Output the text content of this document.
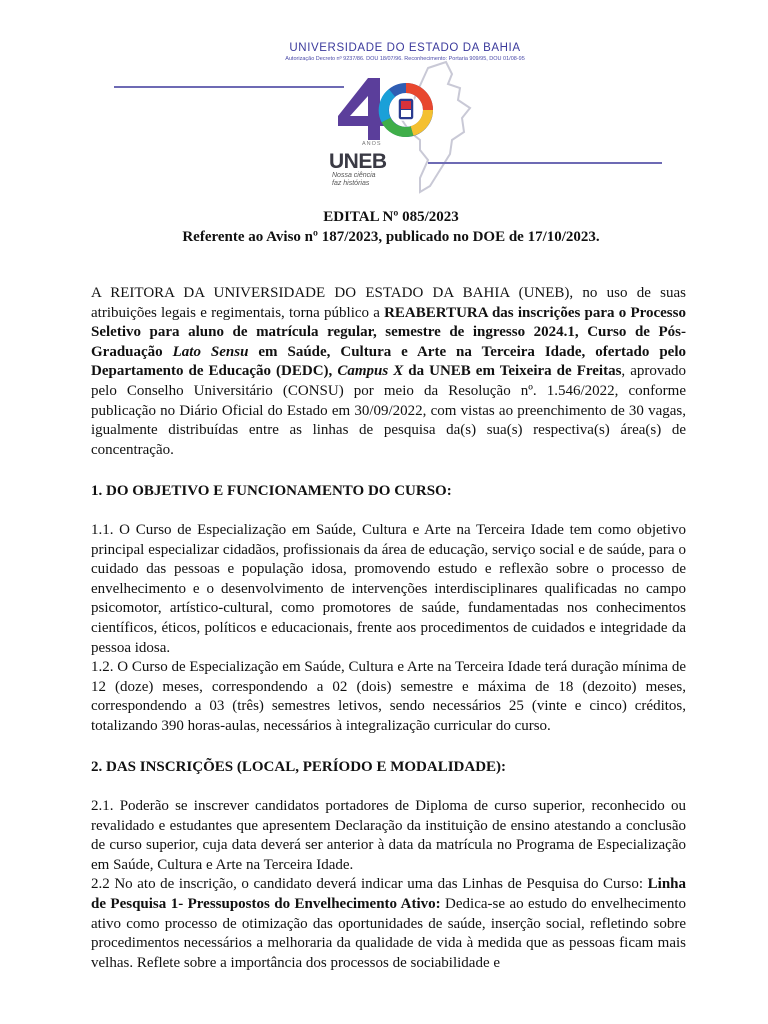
UNIVERSIDADE DO ESTADO DA BAHIA
Autorização Decreto nº 9237/86. DOU 18/07/96. Reconhecimento: Portaria 909/95, DOU 01/08-95
ANOS
UNEB
Nossa ciência
faz histórias
EDITAL Nº 085/2023
Referente ao Aviso nº 187/2023, publicado no DOE de 17/10/2023.

A REITORA DA UNIVERSIDADE DO ESTADO DA BAHIA (UNEB), no uso de suas atribuições legais e regimentais, torna público a REABERTURA das inscrições para o Processo Seletivo para aluno de matrícula regular, semestre de ingresso 2024.1, Curso de Pós-Graduação Lato Sensu em Saúde, Cultura e Arte na Terceira Idade, ofertado pelo Departamento de Educação (DEDC), Campus X da UNEB em Teixeira de Freitas, aprovado pelo Conselho Universitário (CONSU) por meio da Resolução nº. 1.546/2022, conforme publicação no Diário Oficial do Estado em 30/09/2022, com vistas ao preenchimento de 30 vagas, igualmente distribuídas entre as linhas de pesquisa da(s) sua(s) respectiva(s) área(s) de concentração.

1. DO OBJETIVO E FUNCIONAMENTO DO CURSO:

1.1. O Curso de Especialização em Saúde, Cultura e Arte na Terceira Idade tem como objetivo principal especializar cidadãos, profissionais da área de educação, serviço social e de saúde, para o cuidado das pessoas e população idosa, promovendo estudo e reflexão sobre o processo de envelhecimento e o desenvolvimento de intervenções interdisciplinares qualificadas no campo psicomotor, artístico-cultural, como promotores de saúde, fundamentadas nos conhecimentos científicos, éticos, políticos e educacionais, frente aos procedimentos de cuidados e integridade da pessoa idosa.

1.2. O Curso de Especialização em Saúde, Cultura e Arte na Terceira Idade terá duração mínima de 12 (doze) meses, correspondendo a 02 (dois) semestre e máxima de 18 (dezoito) meses, correspondendo a 03 (três) semestres letivos, sendo necessários 25 (vinte e cinco) créditos, totalizando 390 horas-aulas, necessários à integralização curricular do curso.

2. DAS INSCRIÇÕES (LOCAL, PERÍODO E MODALIDADE):

2.1. Poderão se inscrever candidatos portadores de Diploma de curso superior, reconhecido ou revalidado e estudantes que apresentem Declaração da instituição de ensino atestando a conclusão de curso superior, cuja data deverá ser anterior à data da matrícula no Programa de Especialização em Saúde, Cultura e Arte na Terceira Idade.

2.2 No ato de inscrição, o candidato deverá indicar uma das Linhas de Pesquisa do Curso: Linha de Pesquisa 1- Pressupostos do Envelhecimento Ativo: Dedica-se ao estudo do envelhecimento ativo como processo de otimização das oportunidades de saúde, inserção social, refletindo sobre procedimentos necessários a melhoraria da qualidade de vida à medida que as pessoas ficam mais velhas. Reflete sobre a importância dos processos de sociabilidade e
